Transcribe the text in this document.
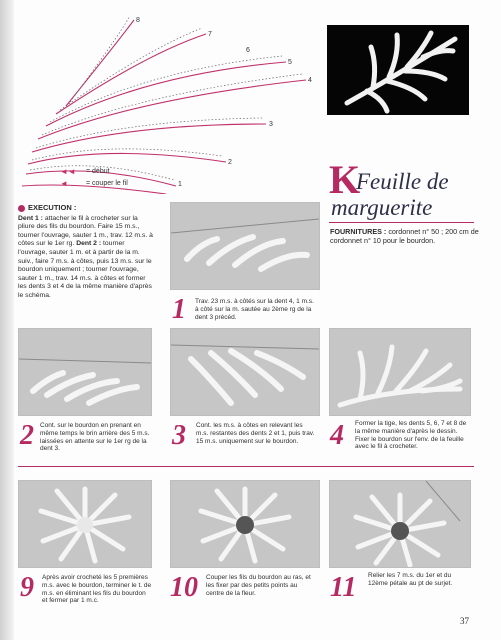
1
2
3
4
5
6
7
8
◄◄	= début
◄	= couper le fil	K
Feuille de
marguerite
FOURNITURES : cordonnet n° 50 ; 200 cm de cordonnet n° 10 pour le bourdon.
EXECUTION :
Dent 1 : attacher le fil à crocheter sur la pliure des fils du bourdon. Faire 15 m.s., tourner l'ouvrage, sauter 1 m., trav. 12 m.s. à côtes sur le 1er rg. Dent 2 : tourner l'ouvrage, sauter 1 m. et à partir de la m. suiv., faire 7 m.s. à côtes, puis 13 m.s. sur le bourdon uniquement ; tourner l'ouvrage, sauter 1 m., trav. 14 m.s. à côtes et former les dents 3 et 4 de la même manière d'après le schéma.	1 Trav. 23 m.s. à côtés sur la dent 4, 1 m.s. à côté sur la m. sautée au 2ème rg de la dent 3 précéd.
2 Cont. sur le bourdon en prenant en même temps le brin arrière des 5 m.s. laissées en attente sur le 1er rg de la dent 3.	3 Cont. les m.s. à côtes en relevant les m.s. restantes des dents 2 et 1, puis trav. 15 m.s. uniquement sur le bourdon.	4 Former la tige, les dents 5, 6, 7 et 8 de la même manière d'après le dessin. Fixer le bourdon sur l'env. de la feuille avec le fil à crocheter.
9 Après avoir crocheté les 5 premières m.s. avec le bourdon, terminer le t. de m.s. en éliminant les fils du bourdon et fermer par 1 m.c.	10 Couper les fils du bourdon au ras, et les fixer par des petits points au centre de la fleur.	11 Relier les 7 m.s. du 1er et du 12ème pétale au pt de surjet.
37
